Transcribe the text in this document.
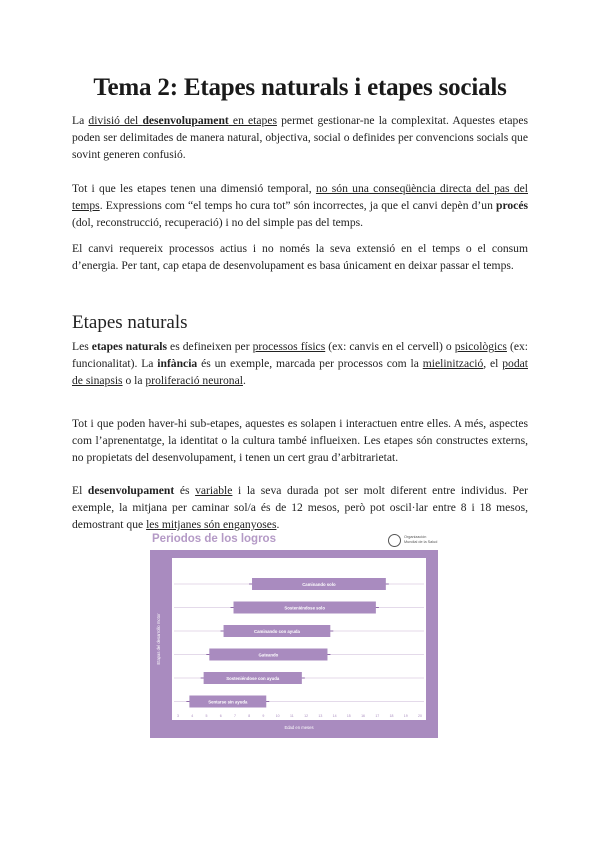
Tema 2: Etapes naturals i etapes socials
La divisió del desenvolupament en etapes permet gestionar-ne la complexitat. Aquestes etapes poden ser delimitades de manera natural, objectiva, social o definides per convencions socials que sovint generen confusió.
Tot i que les etapes tenen una dimensió temporal, no són una conseqüència directa del pas del temps. Expressions com “el temps ho cura tot” són incorrectes, ja que el canvi depèn d’un procés (dol, reconstrucció, recuperació) i no del simple pas del temps.
El canvi requereix processos actius i no només la seva extensió en el temps o el consum d’energia. Per tant, cap etapa de desenvolupament es basa únicament en deixar passar el temps.
Etapes naturals
Les etapes naturals es defineixen per processos físics (ex: canvis en el cervell) o psicològics (ex: funcionalitat). La infància és un exemple, marcada per processos com la mielinització, el podat de sinapsis o la proliferació neuronal.
Tot i que poden haver-hi sub-etapes, aquestes es solapen i interactuen entre elles. A més, aspectes com l’aprenentatge, la identitat o la cultura també influeixen. Les etapes són constructes externs, no propietats del desenvolupament, i tenen un cert grau d’arbitrarietat.
El desenvolupament és variable i la seva durada pot ser molt diferent entre individus. Per exemple, la mitjana per caminar sol/a és de 12 mesos, però pot oscil·lar entre 8 i 18 mesos, demostrant que les mitjanes són enganyoses.
Periodos de los logros	Organización
Mundial de la Salud
3	4	5	6	7	8	9	10	11	12	13	14	15	16	17	18	19	20
Caminando solo
Sosteniéndose solo
Caminando con ayuda
Gateando
Sosteniéndose con ayuda
Sentarse sin ayuda
Etapas del desarrollo motor
Edad en meses
